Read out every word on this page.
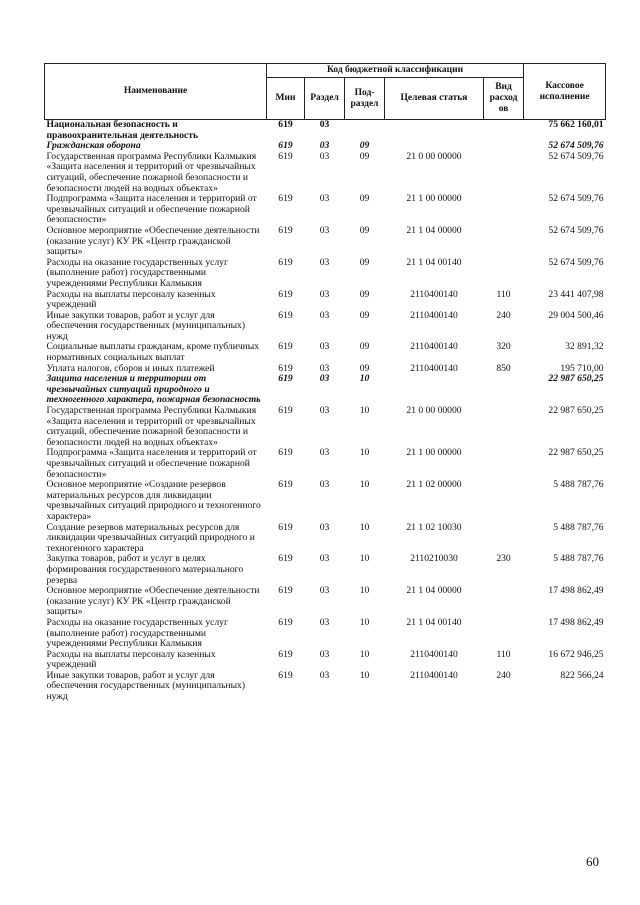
Наименование	Код бюджетной классификации					Кассовое исполнение
	Мин	Раздел	Под-раздел	Целевая статья	Вид расход ов	
Национальная безопасность и правоохранительная деятельность	619	03				75 662 160,01
Гражданская оборона	619	03	09			52 674 509,76
Государственная программа Республики Калмыкия «Защита населения и территорий от чрезвычайных ситуаций, обеспечение пожарной безопасности и безопасности людей на водных объектах»	619	03	09	21 0 00 00000		52 674 509,76
Подпрограмма «Защита населения и территорий от чрезвычайных ситуаций и обеспечение пожарной безопасности»	619	03	09	21 1 00 00000		52 674 509,76
Основное мероприятие «Обеспечение деятельности (оказание услуг) КУ РК «Центр гражданской защиты»	619	03	09	21 1 04 00000		52 674 509,76
Расходы на оказание государственных услуг (выполнение работ) государственными учреждениями Республики Калмыкия	619	03	09	21 1 04 00140		52 674 509,76
Расходы на выплаты персоналу казенных учреждений	619	03	09	2110400140	110	23 441 407,98
Иные закупки товаров, работ и услуг для обеспечения государственных (муниципальных) нужд	619	03	09	2110400140	240	29 004 500,46
Социальные выплаты гражданам, кроме публичных нормативных социальных выплат	619	03	09	2110400140	320	32 891,32
Уплата налогов, сборов и иных платежей	619	03	09	2110400140	850	195 710,00
Защита населения и территории от чрезвычайных ситуаций природного и техногенного характера, пожарная безопасность	619	03	10			22 987 650,25
Государственная программа Республики Калмыкия «Защита населения и территорий от чрезвычайных ситуаций, обеспечение пожарной безопасности и безопасности людей на водных объектах»	619	03	10	21 0 00 00000		22 987 650,25
Подпрограмма «Защита населения и территорий от чрезвычайных ситуаций и обеспечение пожарной безопасности»	619	03	10	21 1 00 00000		22 987 650,25
Основное мероприятие «Создание резервов материальных ресурсов для ликвидации чрезвычайных ситуаций природного и техногенного характера»	619	03	10	21 1 02 00000		5 488 787,76
Создание резервов материальных ресурсов для ликвидации чрезвычайных ситуаций природного и техногенного характера	619	03	10	21 1 02 10030		5 488 787,76
Закупка товаров, работ и услуг в целях формирования государственного материального резерва	619	03	10	2110210030	230	5 488 787,76
Основное мероприятие «Обеспечение деятельности (оказание услуг) КУ РК «Центр гражданской защиты»	619	03	10	21 1 04 00000		17 498 862,49
Расходы на оказание государственных услуг (выполнение работ) государственными учреждениями Республики Калмыкия	619	03	10	21 1 04 00140		17 498 862,49
Расходы на выплаты персоналу казенных учреждений	619	03	10	2110400140	110	16 672 946,25
Иные закупки товаров, работ и услуг для обеспечения государственных (муниципальных) нужд	619	03	10	2110400140	240	822 566,24
60
